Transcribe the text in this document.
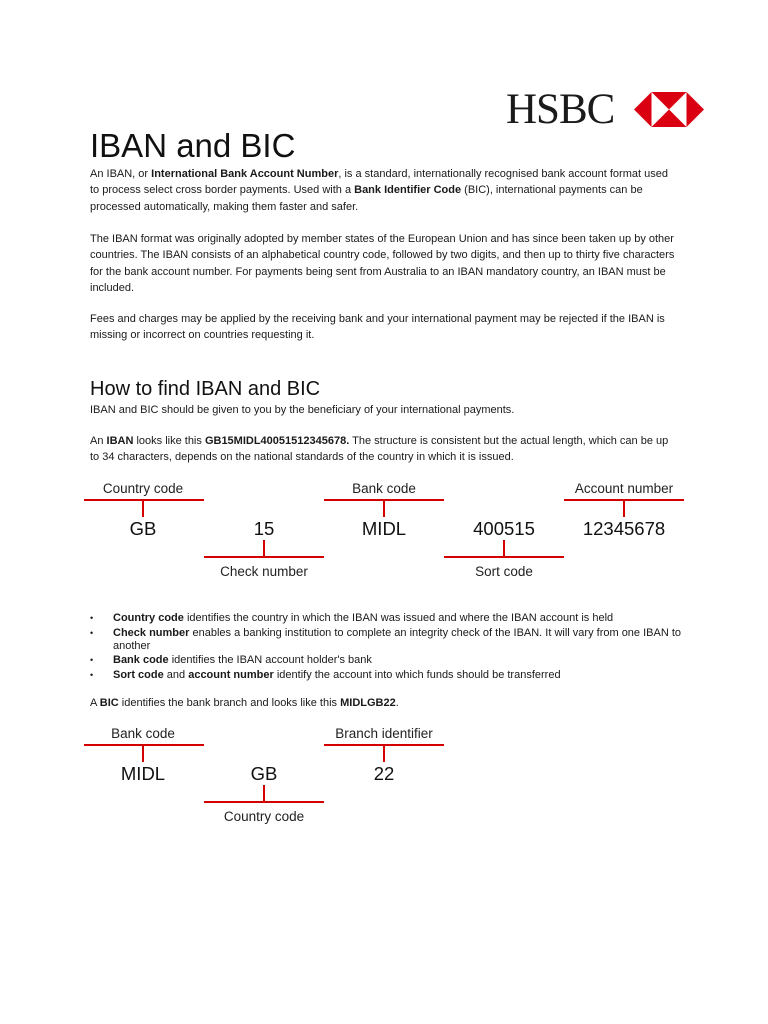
HSBC
IBAN and BIC

An IBAN, or International Bank Account Number, is a standard, internationally recognised bank account format used to process select cross border payments. Used with a Bank Identifier Code (BIC), international payments can be processed automatically, making them faster and safer.

The IBAN format was originally adopted by member states of the European Union and has since been taken up by other countries. The IBAN consists of an alphabetical country code, followed by two digits, and then up to thirty five characters for the bank account number. For payments being sent from Australia to an IBAN mandatory country, an IBAN must be included.

Fees and charges may be applied by the receiving bank and your international payment may be rejected if the IBAN is missing or incorrect on countries requesting it.

How to find IBAN and BIC

IBAN and BIC should be given to you by the beneficiary of your international payments.

An IBAN looks like this GB15MIDL40051512345678. The structure is consistent but the actual length, which can be up to 34 characters, depends on the national standards of the country in which it is issued.

Country code
GB	15
Check number
Bank code
MIDL	400515
Sort code
Account number
12345678
• Country code identifies the country in which the IBAN was issued and where the IBAN account is held
• Check number enables a banking institution to complete an integrity check of the IBAN. It will vary from one IBAN to another
• Bank code identifies the IBAN account holder's bank
• Sort code and account number identify the account into which funds should be transferred

A BIC identifies the bank branch and looks like this MIDLGB22.

Bank code
MIDL	GB
Country code
Branch identifier
22
